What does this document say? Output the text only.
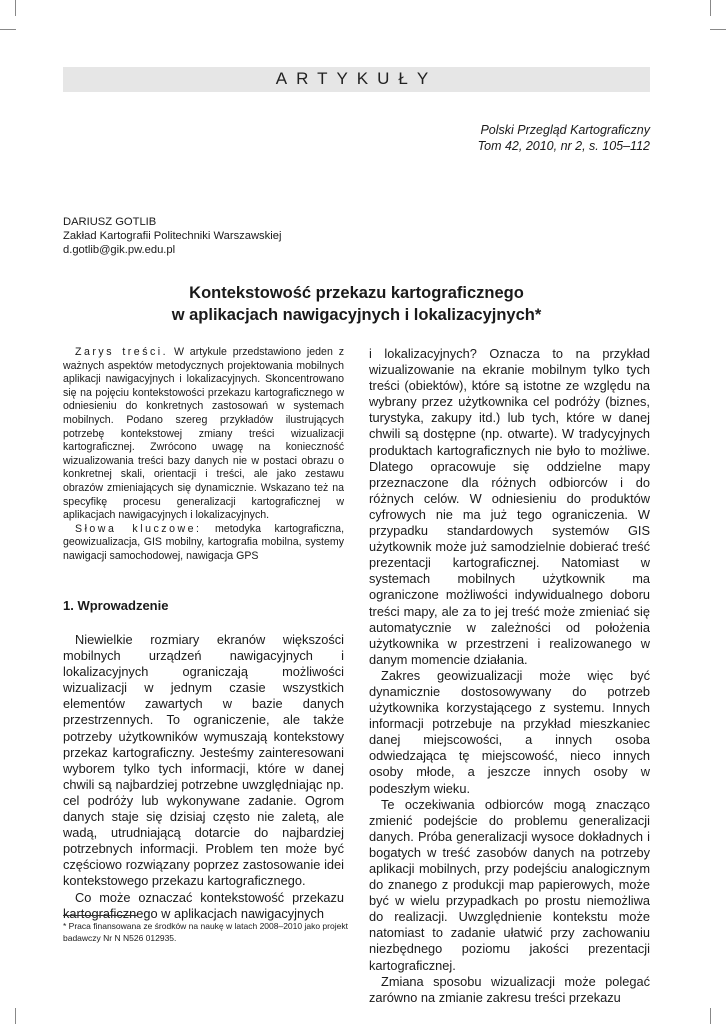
ARTYKUŁY
Polski Przegląd Kartograficzny
Tom 42, 2010, nr 2, s. 105–112
DARIUSZ GOTLIB
Zakład Kartografii Politechniki Warszawskiej
d.gotlib@gik.pw.edu.pl
Kontekstowość przekazu kartograficznego
w aplikacjach nawigacyjnych i lokalizacyjnych*

Zarys treści. W artykule przedstawiono jeden z ważnych aspektów metodycznych projektowania mobilnych aplikacji nawigacyjnych i lokalizacyjnych. Skoncentrowano się na pojęciu kontekstowości przekazu kartograficznego w odniesieniu do konkretnych zastosowań w systemach mobilnych. Podano szereg przykładów ilustrujących potrzebę kontekstowej zmiany treści wizualizacji kartograficznej. Zwrócono uwagę na konieczność wizualizowania treści bazy danych nie w postaci obrazu o konkretnej skali, orientacji i treści, ale jako zestawu obrazów zmieniających się dynamicznie. Wskazano też na specyfikę procesu generalizacji kartograficznej w aplikacjach nawigacyjnych i lokalizacyjnych.

Słowa kluczowe: metodyka kartograficzna, geowizualizacja, GIS mobilny, kartografia mobilna, systemy nawigacji samochodowej, nawigacja GPS

1. Wprowadzenie

Niewielkie rozmiary ekranów większości mobilnych urządzeń nawigacyjnych i lokalizacyjnych ograniczają możliwości wizualizacji w jednym czasie wszystkich elementów zawartych w bazie danych przestrzennych. To ograniczenie, ale także potrzeby użytkowników wymuszają kontekstowy przekaz kartograficzny. Jesteśmy zainteresowani wyborem tylko tych informacji, które w danej chwili są najbardziej potrzebne uwzględniając np. cel podróży lub wykonywane zadanie. Ogrom danych staje się dzisiaj często nie zaletą, ale wadą, utrudniającą dotarcie do najbardziej potrzebnych informacji. Problem ten może być częściowo rozwiązany poprzez zastosowanie idei kontekstowego przekazu kartograficznego.

Co może oznaczać kontekstowość przekazu kartograficznego w aplikacjach nawigacyjnych

* Praca finansowana ze środków na naukę w latach 2008–2010 jako projekt badawczy Nr N N526 012935.

i lokalizacyjnych? Oznacza to na przykład wizualizowanie na ekranie mobilnym tylko tych treści (obiektów), które są istotne ze względu na wybrany przez użytkownika cel podróży (biznes, turystyka, zakupy itd.) lub tych, które w danej chwili są dostępne (np. otwarte). W tradycyjnych produktach kartograficznych nie było to możliwe. Dlatego opracowuje się oddzielne mapy przeznaczone dla różnych odbiorców i do różnych celów. W odniesieniu do produktów cyfrowych nie ma już tego ograniczenia. W przypadku standardowych systemów GIS użytkownik może już samodzielnie dobierać treść prezentacji kartograficznej. Natomiast w systemach mobilnych użytkownik ma ograniczone możliwości indywidualnego doboru treści mapy, ale za to jej treść może zmieniać się automatycznie w zależności od położenia użytkownika w przestrzeni i realizowanego w danym momencie działania.

Zakres geowizualizacji może więc być dynamicznie dostosowywany do potrzeb użytkownika korzystającego z systemu. Innych informacji potrzebuje na przykład mieszkaniec danej miejscowości, a innych osoba odwiedzająca tę miejscowość, nieco innych osoby młode, a jeszcze innych osoby w podeszłym wieku.

Te oczekiwania odbiorców mogą znacząco zmienić podejście do problemu generalizacji danych. Próba generalizacji wysoce dokładnych i bogatych w treść zasobów danych na potrzeby aplikacji mobilnych, przy podejściu analogicznym do znanego z produkcji map papierowych, może być w wielu przypadkach po prostu niemożliwa do realizacji. Uwzględnienie kontekstu może natomiast to zadanie ułatwić przy zachowaniu niezbędnego poziomu jakości prezentacji kartograficznej.

Zmiana sposobu wizualizacji może polegać zarówno na zmianie zakresu treści przekazu
